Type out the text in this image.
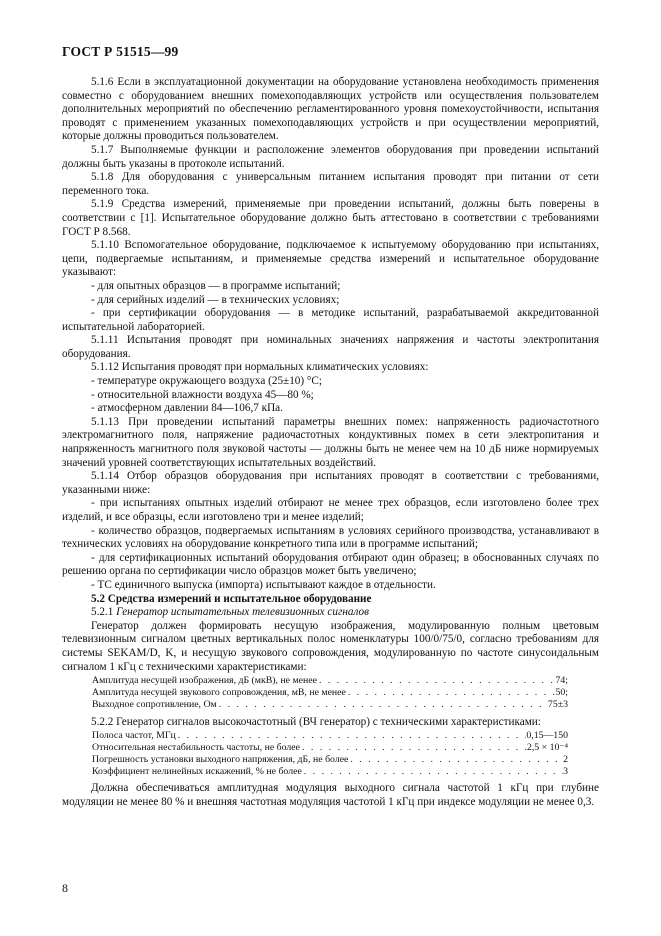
ГОСТ Р 51515—99

5.1.6 Если в эксплуатационной документации на оборудование установлена необходимость применения совместно с оборудованием внешних помехоподавляющих устройств или осуществления пользователем дополнительных мероприятий по обеспечению регламентированного уровня помехоустойчивости, испытания проводят с применением указанных помехоподавляющих устройств и при осуществлении мероприятий, которые должны проводиться пользователем.

5.1.7 Выполняемые функции и расположение элементов оборудования при проведении испытаний должны быть указаны в протоколе испытаний.

5.1.8 Для оборудования с универсальным питанием испытания проводят при питании от сети переменного тока.

5.1.9 Средства измерений, применяемые при проведении испытаний, должны быть поверены в соответствии с [1]. Испытательное оборудование должно быть аттестовано в соответствии с требованиями ГОСТ Р 8.568.

5.1.10 Вспомогательное оборудование, подключаемое к испытуемому оборудованию при испытаниях, цепи, подвергаемые испытаниям, и применяемые средства измерений и испытательное оборудование указывают:

- для опытных образцов — в программе испытаний;

- для серийных изделий — в технических условиях;

- при сертификации оборудования — в методике испытаний, разрабатываемой аккредитованной испытательной лабораторией.

5.1.11 Испытания проводят при номинальных значениях напряжения и частоты электропитания оборудования.

5.1.12 Испытания проводят при нормальных климатических условиях:

- температуре окружающего воздуха (25±10) °С;

- относительной влажности воздуха 45—80 %;

- атмосферном давлении 84—106,7 кПа.

5.1.13 При проведении испытаний параметры внешних помех: напряженность радиочастотного электромагнитного поля, напряжение радиочастотных кондуктивных помех в сети электропитания и напряженность магнитного поля звуковой частоты — должны быть не менее чем на 10 дБ ниже нормируемых значений уровней соответствующих испытательных воздействий.

5.1.14 Отбор образцов оборудования при испытаниях проводят в соответствии с требованиями, указанными ниже:

- при испытаниях опытных изделий отбирают не менее трех образцов, если изготовлено более трех изделий, и все образцы, если изготовлено три и менее изделий;

- количество образцов, подвергаемых испытаниям в условиях серийного производства, устанавливают в технических условиях на оборудование конкретного типа или в программе испытаний;

- для сертификационных испытаний оборудования отбирают один образец; в обоснованных случаях по решению органа по сертификации число образцов может быть увеличено;

- ТС единичного выпуска (импорта) испытывают каждое в отдельности.

5.2 Средства измерений и испытательное оборудование

5.2.1 Генератор испытательных телевизионных сигналов

Генератор должен формировать несущую изображения, модулированную полным цветовым телевизионным сигналом цветных вертикальных полос номенклатуры 100/0/75/0, согласно требованиям для системы SEKAM/D, K, и несущую звукового сопровождения, модулированную по частоте синусоидальным сигналом 1 кГц с техническими характеристиками:

Амплитуда несущей изображения, дБ (мкВ), не менее . . .	74;
Амплитуда несущей звукового сопровождения, мВ, не менее . . .	50;
Выходное сопротивление, Ом . . .	75±3

5.2.2 Генератор сигналов высокочастотный (ВЧ генератор) с техническими характеристиками:

Полоса частот, МГц . . .	0,15—150
Относительная нестабильность частоты, не более . . .	2,5 × 10⁻⁴
Погрешность установки выходного напряжения, дБ, не более . . .	2
Коэффициент нелинейных искажений, % не более . . .	3

Должна обеспечиваться амплитудная модуляция выходного сигнала частотой 1 кГц при глубине модуляции не менее 80 % и внешняя частотная модуляция частотой 1 кГц при индексе модуляции не менее 0,3.

8
